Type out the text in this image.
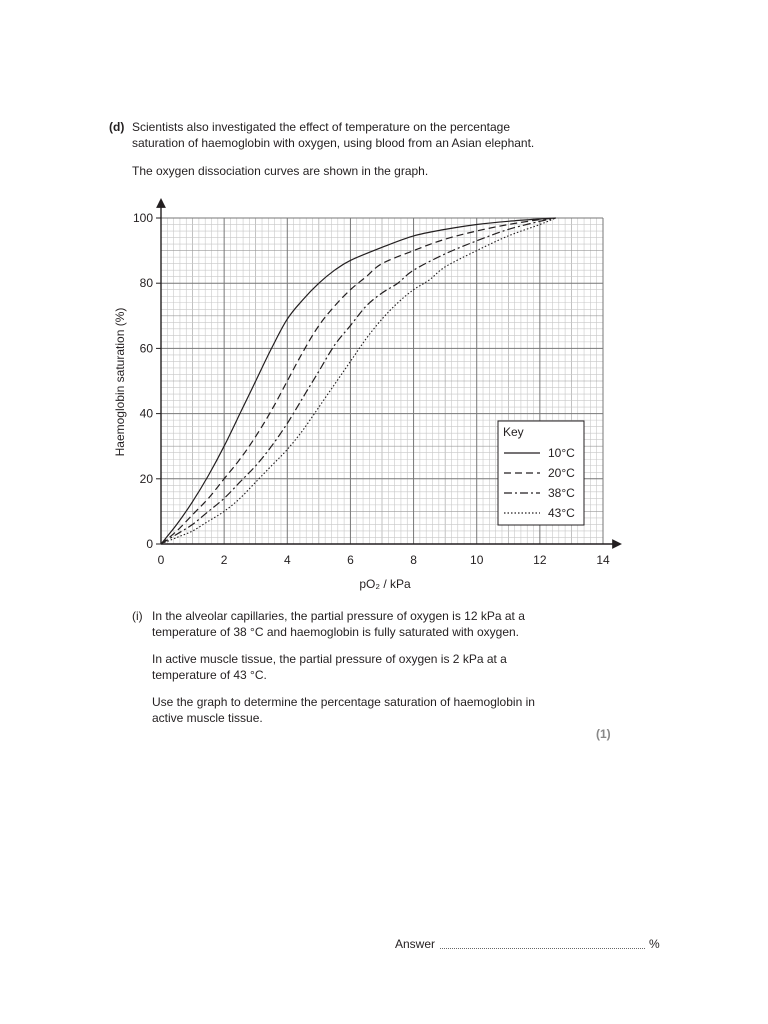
(d) Scientists also investigated the effect of temperature on the percentage
saturation of haemoglobin with oxygen, using blood from an Asian elephant.
The oxygen dissociation curves are shown in the graph.
0	2	4	6	8	10	12	14
0
20
40
60
80
100
Key
10°C
20°C
38°C
43°C
pO₂ / kPa
Haemoglobin saturation (%)
(i) In the alveolar capillaries, the partial pressure of oxygen is 12 kPa at a
temperature of 38 °C and haemoglobin is fully saturated with oxygen.
In active muscle tissue, the partial pressure of oxygen is 2 kPa at a
temperature of 43 °C.
Use the graph to determine the percentage saturation of haemoglobin in
active muscle tissue.
(1)
Answer	%
